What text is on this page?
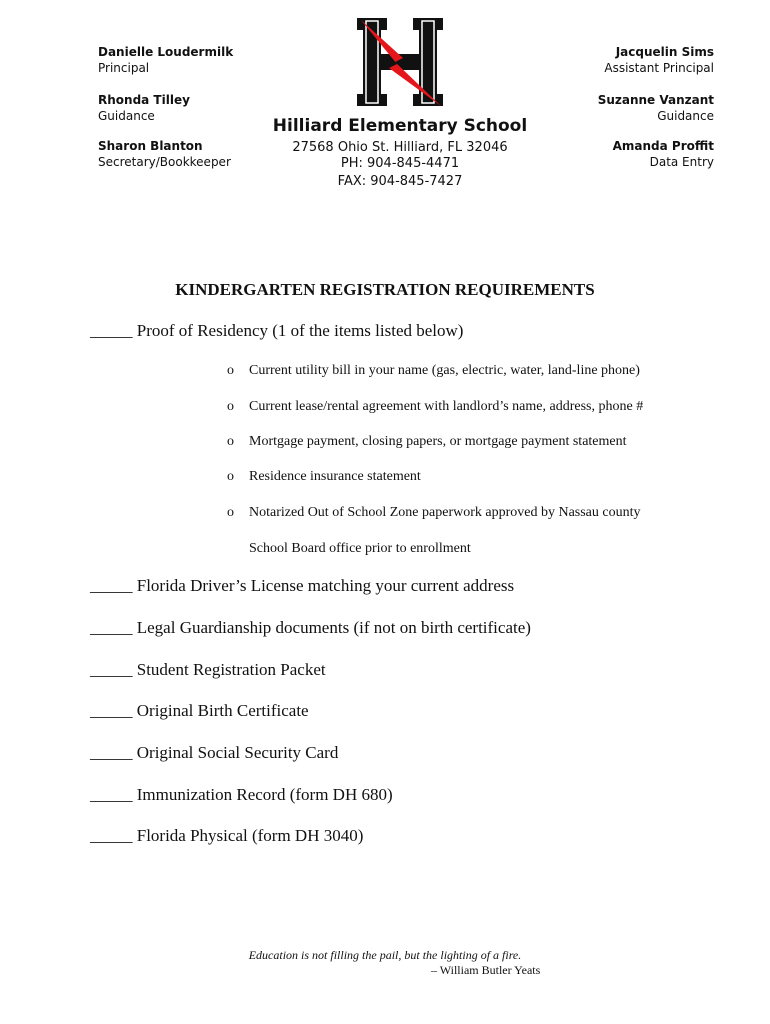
Danielle Loudermilk
Principal
Rhonda Tilley
Guidance
Sharon Blanton
Secretary/Bookkeeper
Jacquelin Sims
Assistant Principal
Suzanne Vanzant
Guidance
Amanda Proffit
Data Entry
Hilliard Elementary School
27568 Ohio St. Hilliard, FL 32046
PH: 904-845-4471
FAX: 904-845-7427
KINDERGARTEN REGISTRATION REQUIREMENTS
_____ Proof of Residency (1 of the items listed below)
o Current utility bill in your name (gas, electric, water, land-line phone)
o Current lease/rental agreement with landlord’s name, address, phone #
o Mortgage payment, closing papers, or mortgage payment statement
o Residence insurance statement
o Notarized Out of School Zone paperwork approved by Nassau county
School Board office prior to enrollment
_____ Florida Driver’s License matching your current address
_____ Legal Guardianship documents (if not on birth certificate)
_____ Student Registration Packet
_____ Original Birth Certificate
_____ Original Social Security Card
_____ Immunization Record (form DH 680)
_____ Florida Physical (form DH 3040)
Education is not filling the pail, but the lighting of a fire.
– William Butler Yeats
